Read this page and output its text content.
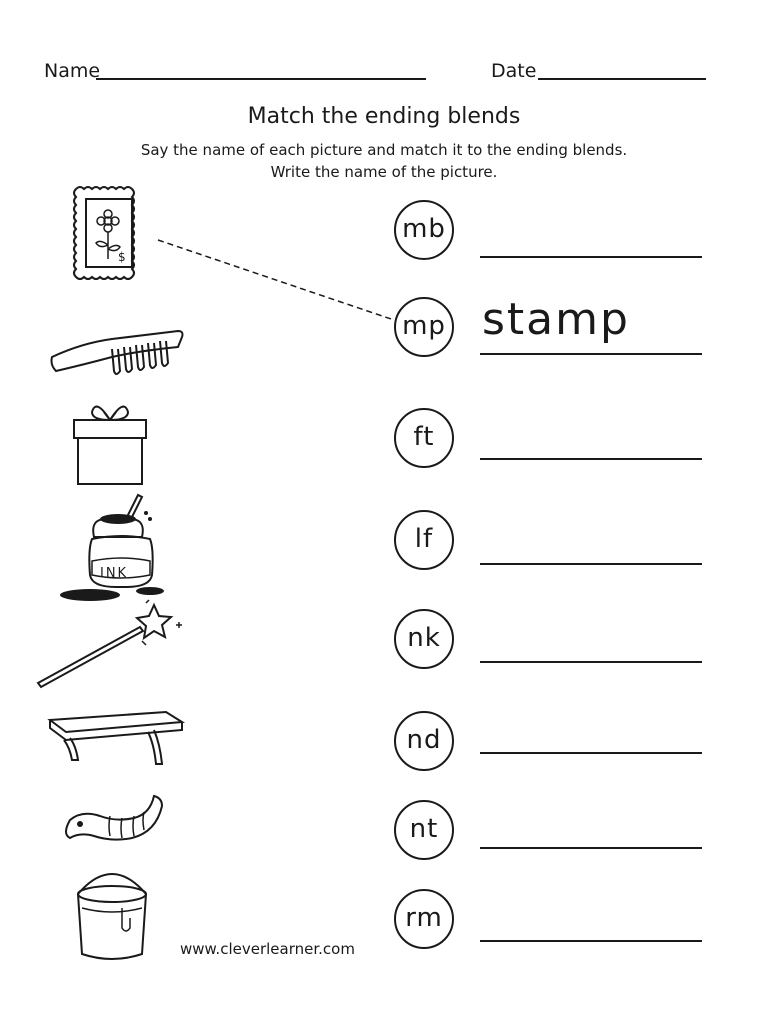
Name	Date
Match the ending blends
Say the name of each picture and match it to the ending blends.
Write the name of the picture.
$
INK
mb
mp stamp
ft
lf
nk
nd
nt
rm
www.cleverlearner.com
